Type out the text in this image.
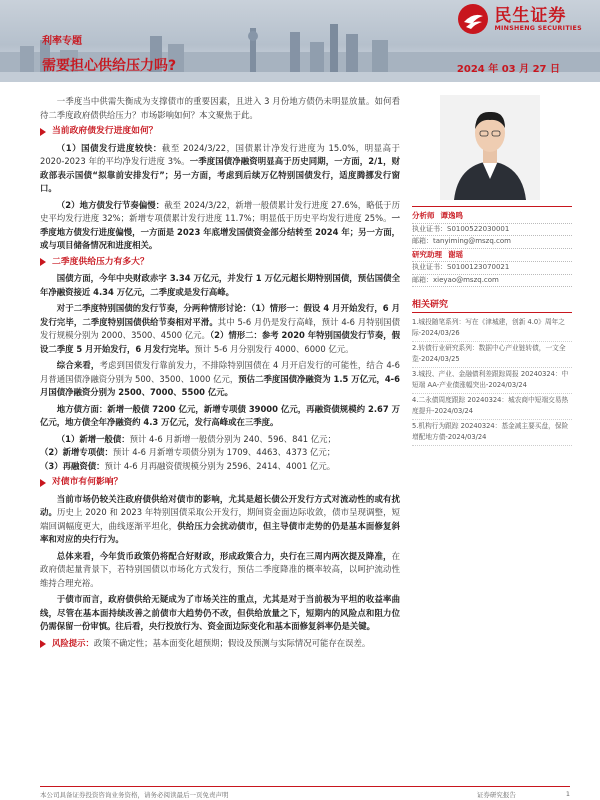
利率专题
需要担心供给压力吗?	2024 年 03 月 27 日
民生证券
MINSHENG SECURITIES

一季度当中供需失衡成为支撑债市的重要因素，且进入 3 月份地方债仍未明显放量。如何看待二季度政府债供给压力？市场影响如何？本文聚焦于此。

当前政府债发行进度如何？

（1）国债发行进度较快：截至 2024/3/22，国债累计净发行进度为 15.0%，明显高于 2020-2023 年的平均净发行进度 3%。一季度国债净融资明显高于历史同期，一方面，2/1，财政部表示国债“拟靠前安排发行”；另一方面，考虑到后续万亿特别国债发行，适度腾挪发行窗口。

（2）地方债发行节奏偏慢：截至 2024/3/22，新增一般债累计发行进度 27.6%，略低于历史平均发行进度 32%；新增专项债累计发行进度 11.7%；明显低于历史平均发行进度 25%。一季度地方债发行进度偏慢，一方面是 2023 年底增发国债资金部分结转至 2024 年；另一方面，或与项目储备情况和进度相关。

二季度供给压力有多大？

国债方面，今年中央财政赤字 3.34 万亿元，并发行 1 万亿元超长期特别国债，预估国债全年净融资接近 4.34 万亿元，二季度或是发行高峰。

对于二季度特别国债的发行节奏，分两种情形讨论：（1）情形一：假设 4 月开始发行，6 月发行完毕，二季度特别国债供给节奏相对平滑。其中 5-6 月仍是发行高峰，预计 4-6 月特别国债发行规模分别为 2000、3500、4500 亿元。（2）情形二：参考 2020 年特别国债发行节奏，假设二季度 5 月开始发行，6 月发行完毕。预计 5-6 月分别发行 4000、6000 亿元。

综合来看，考虑到国债发行靠前发力，不排除特别国债在 4 月开启发行的可能性，结合 4-6 月普通国债净融资分别为 500、3500、1000 亿元，预估二季度国债净融资为 1.5 万亿元，4-6 月国债净融资分别为 2500、7000、5500 亿元。

地方债方面：新增一般债 7200 亿元，新增专项债 39000 亿元，再融资债规模约 2.67 万亿元，地方债全年净融资约 4.3 万亿元，发行高峰或在三季度。

（1）新增一般债：预计 4-6 月新增一般债分别为 240、596、841 亿元；

（2）新增专项债：预计 4-6 月新增专项债分别为 1709、4463、4373 亿元；

（3）再融资债：预计 4-6 月再融资债规模分别为 2596、2414、4001 亿元。

对债市有何影响？

当前市场仍较关注政府债供给对债市的影响，尤其是超长债公开发行方式对流动性的或有扰动。历史上 2020 和 2023 年特别国债采取公开发行，期间资金面边际收敛，债市呈现调整，短端回调幅度更大，曲线逐渐平坦化，供给压力会扰动债市，但主导债市走势的仍是基本面修复斜率和对应的央行行为。

总体来看，今年货币政策仍将配合好财政，形成政策合力，央行在三周内两次提及降准，在政府债起量背景下，若特别国债以市场化方式发行，预估二季度降准的概率较高，以呵护流动性维持合理充裕。

于债市而言，政府债供给无疑成为了市场关注的重点，尤其是对于当前极为平坦的收益率曲线，尽管在基本面持续改善之前债市大趋势仍不改，但供给放量之下，短期内的风险点和阻力位仍需保留一份审慎。往后看，央行投放行为、资金面边际变化和基本面修复斜率仍是关键。

风险提示：政策不确定性；基本面变化超预期；假设及预测与实际情况可能存在误差。
分析师 谭逸鸣
执业证书：S0100522030001
邮箱：tanyiming@mszq.com
研究助理 谢瑶
执业证书：S0100123070021
邮箱：xieyao@mszq.com
相关研究
1.城投随笔系列：写在《津城建，创新 4.0》周年之际-2024/03/26
2.转债行业研究系列：数据中心产业链转债，一文全览-2024/03/25
3.城投、产业、金融债利差跟踪周报 20240324：中短端 AA-产业债涨幅突出-2024/03/24
4.二永债周度跟踪 20240324：城农商中短端交易热度提升-2024/03/24
5.机构行为跟踪 20240324：基金减主要买盘，保险增配地方债-2024/03/24
本公司具备证券投资咨询业务资格，请务必阅读最后一页免责声明	证券研究报告	1
